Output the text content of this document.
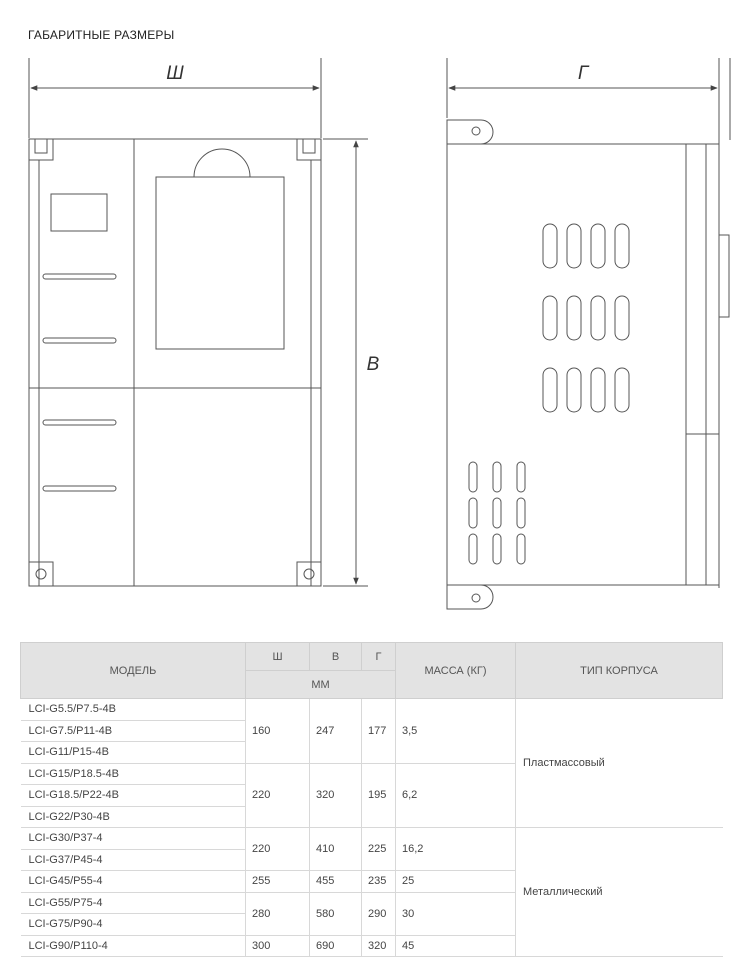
ГАБАРИТНЫЕ РАЗМЕРЫ
Ш
В
Г
МОДЕЛЬ	Ш	В	Г	МАССА (КГ)	ТИП КОРПУСА
	ММ				
LCI-G5.5/P7.5-4B	160	247	177	3,5	Пластмассовый
LCI-G7.5/P11-4B					
LCI-G11/P15-4B					
LCI-G15/P18.5-4B	220	320	195	6,2	
LCI-G18.5/P22-4B					
LCI-G22/P30-4B					
LCI-G30/P37-4	220	410	225	16,2	Металлический
LCI-G37/P45-4					
LCI-G45/P55-4	255	455	235	25	
LCI-G55/P75-4	280	580	290	30	
LCI-G75/P90-4					
LCI-G90/P110-4	300	690	320	45	
